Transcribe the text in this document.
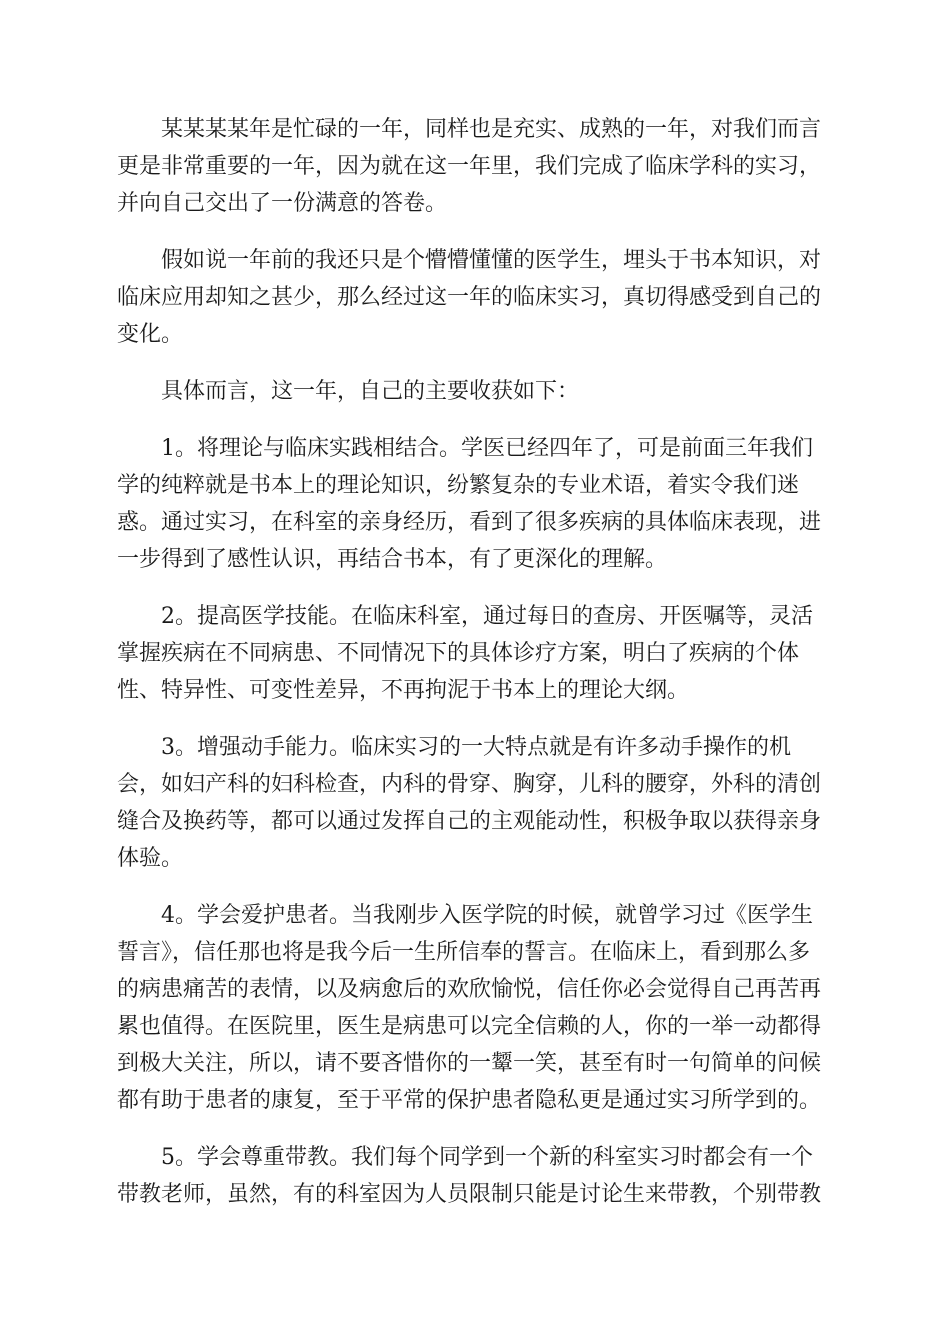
某某某某年是忙碌的一年，同样也是充实、成熟的一年，对我们而言
更是非常重要的一年，因为就在这一年里，我们完成了临床学科的实习，
并向自己交出了一份满意的答卷。

假如说一年前的我还只是个懵懵懂懂的医学生，埋头于书本知识，对
临床应用却知之甚少，那么经过这一年的临床实习，真切得感受到自己的
变化。

具体而言，这一年，自己的主要收获如下：

1。将理论与临床实践相结合。学医已经四年了，可是前面三年我们
学的纯粹就是书本上的理论知识，纷繁复杂的专业术语，着实令我们迷
惑。通过实习，在科室的亲身经历，看到了很多疾病的具体临床表现，进
一步得到了感性认识，再结合书本，有了更深化的理解。

2。提高医学技能。在临床科室，通过每日的查房、开医嘱等，灵活
掌握疾病在不同病患、不同情况下的具体诊疗方案，明白了疾病的个体
性、特异性、可变性差异，不再拘泥于书本上的理论大纲。

3。增强动手能力。临床实习的一大特点就是有许多动手操作的机
会，如妇产科的妇科检查，内科的骨穿、胸穿，儿科的腰穿，外科的清创
缝合及换药等，都可以通过发挥自己的主观能动性，积极争取以获得亲身
体验。

4。学会爱护患者。当我刚步入医学院的时候，就曾学习过《医学生
誓言》，信任那也将是我今后一生所信奉的誓言。在临床上，看到那么多
的病患痛苦的表情，以及病愈后的欢欣愉悦，信任你必会觉得自己再苦再
累也值得。在医院里，医生是病患可以完全信赖的人，你的一举一动都得
到极大关注，所以，请不要吝惜你的一颦一笑，甚至有时一句简单的问候
都有助于患者的康复，至于平常的保护患者隐私更是通过实习所学到的。

5。学会尊重带教。我们每个同学到一个新的科室实习时都会有一个
带教老师，虽然，有的科室因为人员限制只能是讨论生来带教，个别带教
